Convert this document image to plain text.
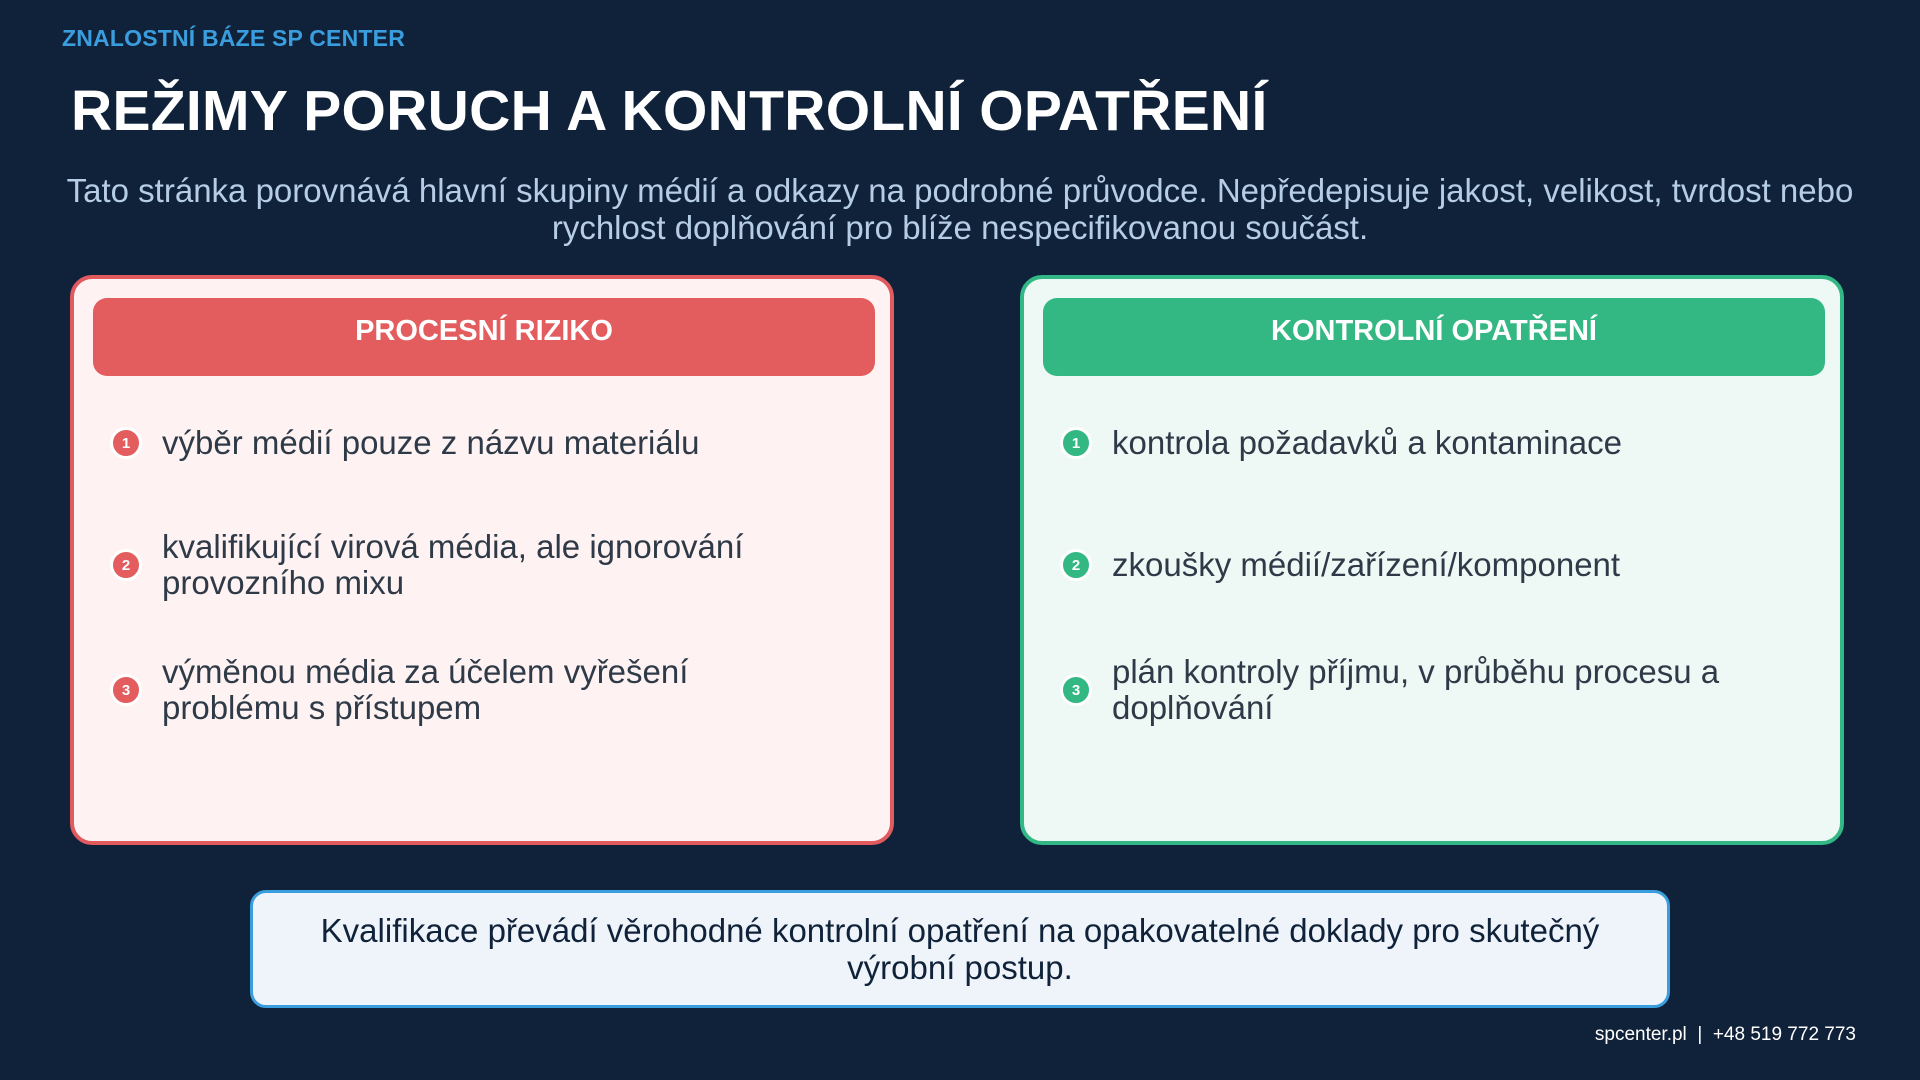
ZNALOSTNÍ BÁZE SP CENTER
REŽIMY PORUCH A KONTROLNÍ OPATŘENÍ
Tato stránka porovnává hlavní skupiny médií a odkazy na podrobné průvodce. Nepředepisuje jakost, velikost, tvrdost nebo rychlost doplňování pro blíže nespecifikovanou součást.
PROCESNÍ RIZIKO
1 výběr médií pouze z názvu materiálu
2 kvalifikující virová média, ale ignorování provozního mixu
3 výměnou média za účelem vyřešení problému s přístupem
KONTROLNÍ OPATŘENÍ
1 kontrola požadavků a kontaminace
2 zkoušky médií/zařízení/komponent
3 plán kontroly příjmu, v průběhu procesu a doplňování
Kvalifikace převádí věrohodné kontrolní opatření na opakovatelné doklady pro skutečný výrobní postup.
spcenter.pl  |  +48 519 772 773
